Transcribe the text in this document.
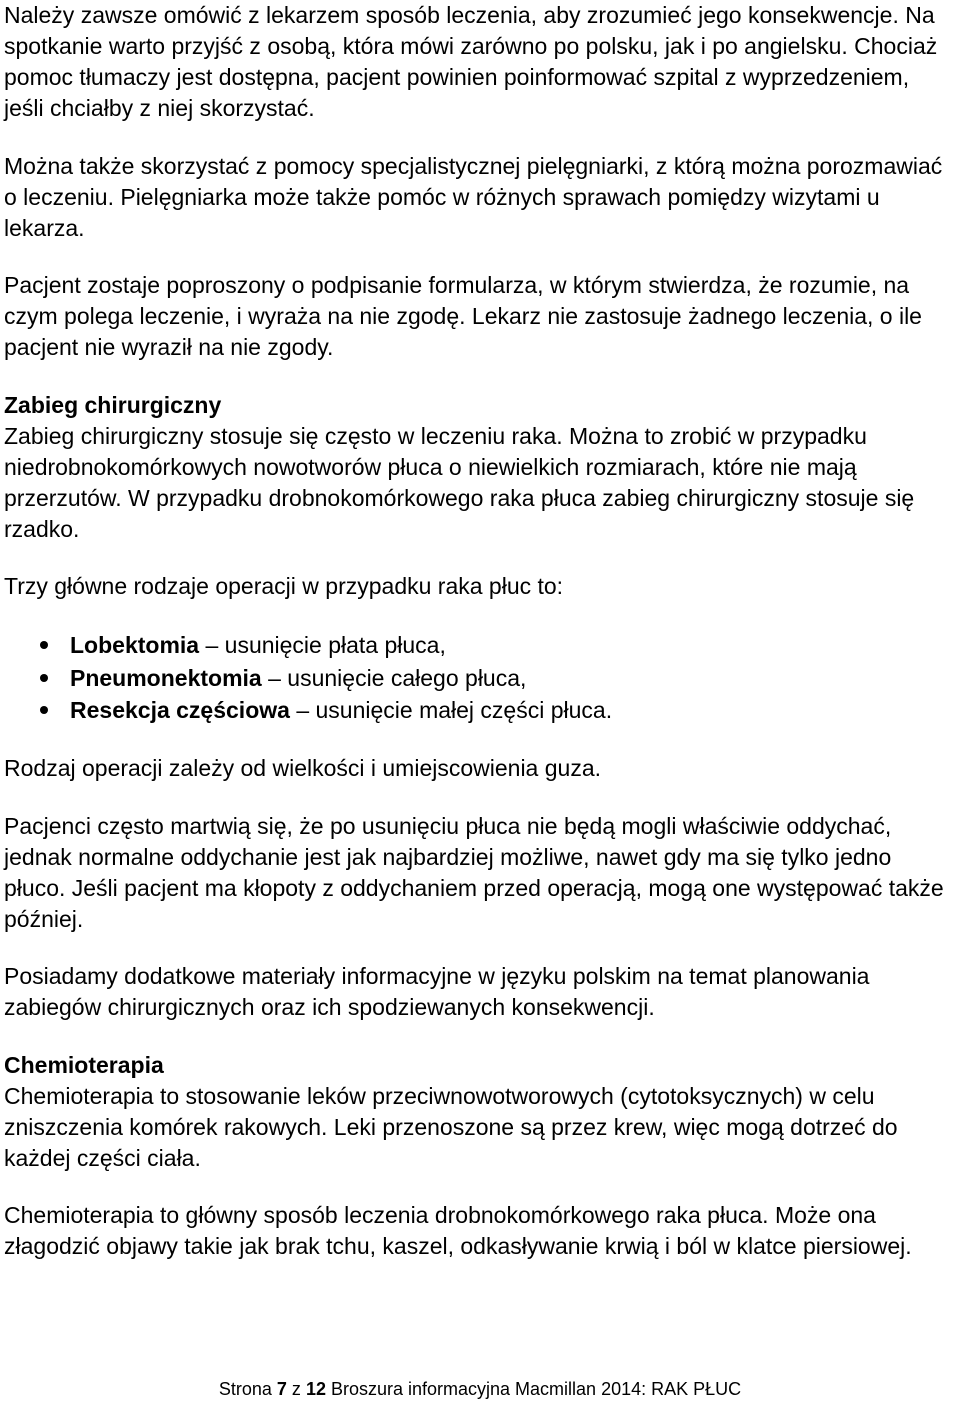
Należy zawsze omówić z lekarzem sposób leczenia, aby zrozumieć jego konsekwencje. Na
spotkanie warto przyjść z osobą, która mówi zarówno po polsku, jak i po angielsku. Chociaż
pomoc tłumaczy jest dostępna, pacjent powinien poinformować szpital z wyprzedzeniem,
jeśli chciałby z niej skorzystać.

Można także skorzystać z pomocy specjalistycznej pielęgniarki, z którą można porozmawiać
o leczeniu. Pielęgniarka może także pomóc w różnych sprawach pomiędzy wizytami u
lekarza.

Pacjent zostaje poproszony o podpisanie formularza, w którym stwierdza, że rozumie, na
czym polega leczenie, i wyraża na nie zgodę. Lekarz nie zastosuje żadnego leczenia, o ile
pacjent nie wyraził na nie zgody.

Zabieg chirurgiczny

Zabieg chirurgiczny stosuje się często w leczeniu raka. Można to zrobić w przypadku
niedrobnokomórkowych nowotworów płuca o niewielkich rozmiarach, które nie mają
przerzutów. W przypadku drobnokomórkowego raka płuca zabieg chirurgiczny stosuje się
rzadko.

Trzy główne rodzaje operacji w przypadku raka płuc to:

Lobektomia – usunięcie płata płuca,
Pneumonektomia – usunięcie całego płuca,
Resekcja częściowa – usunięcie małej części płuca.

Rodzaj operacji zależy od wielkości i umiejscowienia guza.

Pacjenci często martwią się, że po usunięciu płuca nie będą mogli właściwie oddychać,
jednak normalne oddychanie jest jak najbardziej możliwe, nawet gdy ma się tylko jedno
płuco. Jeśli pacjent ma kłopoty z oddychaniem przed operacją, mogą one występować także
później.

Posiadamy dodatkowe materiały informacyjne w języku polskim na temat planowania
zabiegów chirurgicznych oraz ich spodziewanych konsekwencji.

Chemioterapia

Chemioterapia to stosowanie leków przeciwnowotworowych (cytotoksycznych) w celu
zniszczenia komórek rakowych. Leki przenoszone są przez krew, więc mogą dotrzeć do
każdej części ciała.

Chemioterapia to główny sposób leczenia drobnokomórkowego raka płuca. Może ona
złagodzić objawy takie jak brak tchu, kaszel, odkasływanie krwią i ból w klatce piersiowej.

Strona 7 z 12 Broszura informacyjna Macmillan 2014: RAK PŁUC
